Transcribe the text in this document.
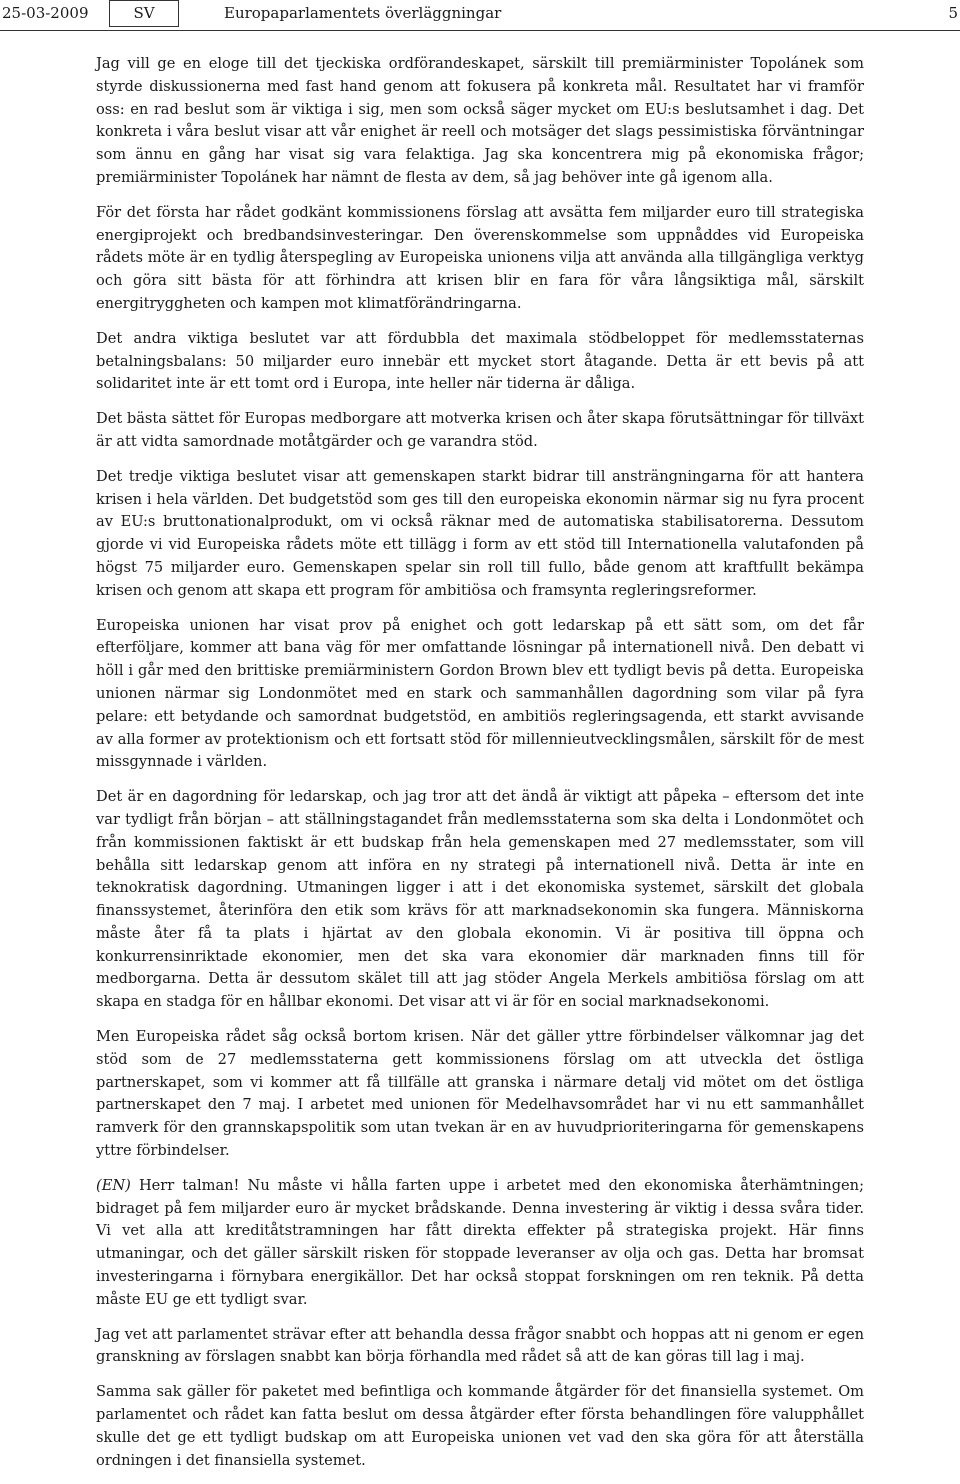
25-03-2009	SV	Europaparlamentets överläggningar	5

Jag vill ge en eloge till det tjeckiska ordförandeskapet, särskilt till premiärminister Topolánek som styrde diskussionerna med fast hand genom att fokusera på konkreta mål. Resultatet har vi framför oss: en rad beslut som är viktiga i sig, men som också säger mycket om EU:s beslutsamhet i dag. Det konkreta i våra beslut visar att vår enighet är reell och motsäger det slags pessimistiska förväntningar som ännu en gång har visat sig vara felaktiga. Jag ska koncentrera mig på ekonomiska frågor; premiärminister Topolánek har nämnt de flesta av dem, så jag behöver inte gå igenom alla.

För det första har rådet godkänt kommissionens förslag att avsätta fem miljarder euro till strategiska energiprojekt och bredbandsinvesteringar. Den överenskommelse som uppnåddes vid Europeiska rådets möte är en tydlig återspegling av Europeiska unionens vilja att använda alla tillgängliga verktyg och göra sitt bästa för att förhindra att krisen blir en fara för våra långsiktiga mål, särskilt energitryggheten och kampen mot klimatförändringarna.

Det andra viktiga beslutet var att fördubbla det maximala stödbeloppet för medlemsstaternas betalningsbalans: 50 miljarder euro innebär ett mycket stort åtagande. Detta är ett bevis på att solidaritet inte är ett tomt ord i Europa, inte heller när tiderna är dåliga.

Det bästa sättet för Europas medborgare att motverka krisen och åter skapa förutsättningar för tillväxt är att vidta samordnade motåtgärder och ge varandra stöd.

Det tredje viktiga beslutet visar att gemenskapen starkt bidrar till ansträngningarna för att hantera krisen i hela världen. Det budgetstöd som ges till den europeiska ekonomin närmar sig nu fyra procent av EU:s bruttonationalprodukt, om vi också räknar med de automatiska stabilisatorerna. Dessutom gjorde vi vid Europeiska rådets möte ett tillägg i form av ett stöd till Internationella valutafonden på högst 75 miljarder euro. Gemenskapen spelar sin roll till fullo, både genom att kraftfullt bekämpa krisen och genom att skapa ett program för ambitiösa och framsynta regleringsreformer.

Europeiska unionen har visat prov på enighet och gott ledarskap på ett sätt som, om det får efterföljare, kommer att bana väg för mer omfattande lösningar på internationell nivå. Den debatt vi höll i går med den brittiske premiärministern Gordon Brown blev ett tydligt bevis på detta. Europeiska unionen närmar sig Londonmötet med en stark och sammanhållen dagordning som vilar på fyra pelare: ett betydande och samordnat budgetstöd, en ambitiös regleringsagenda, ett starkt avvisande av alla former av protektionism och ett fortsatt stöd för millennieutvecklingsmålen, särskilt för de mest missgynnade i världen.

Det är en dagordning för ledarskap, och jag tror att det ändå är viktigt att påpeka – eftersom det inte var tydligt från början – att ställningstagandet från medlemsstaterna som ska delta i Londonmötet och från kommissionen faktiskt är ett budskap från hela gemenskapen med 27 medlemsstater, som vill behålla sitt ledarskap genom att införa en ny strategi på internationell nivå. Detta är inte en teknokratisk dagordning. Utmaningen ligger i att i det ekonomiska systemet, särskilt det globala finanssystemet, återinföra den etik som krävs för att marknadsekonomin ska fungera. Människorna måste åter få ta plats i hjärtat av den globala ekonomin. Vi är positiva till öppna och konkurrensinriktade ekonomier, men det ska vara ekonomier där marknaden finns till för medborgarna. Detta är dessutom skälet till att jag stöder Angela Merkels ambitiösa förslag om att skapa en stadga för en hållbar ekonomi. Det visar att vi är för en social marknadsekonomi.

Men Europeiska rådet såg också bortom krisen. När det gäller yttre förbindelser välkomnar jag det stöd som de 27 medlemsstaterna gett kommissionens förslag om att utveckla det östliga partnerskapet, som vi kommer att få tillfälle att granska i närmare detalj vid mötet om det östliga partnerskapet den 7 maj. I arbetet med unionen för Medelhavsområdet har vi nu ett sammanhållet ramverk för den grannskapspolitik som utan tvekan är en av huvudprioriteringarna för gemenskapens yttre förbindelser.

(EN) Herr talman! Nu måste vi hålla farten uppe i arbetet med den ekonomiska återhämtningen; bidraget på fem miljarder euro är mycket brådskande. Denna investering är viktig i dessa svåra tider. Vi vet alla att kreditåtstramningen har fått direkta effekter på strategiska projekt. Här finns utmaningar, och det gäller särskilt risken för stoppade leveranser av olja och gas. Detta har bromsat investeringarna i förnybara energikällor. Det har också stoppat forskningen om ren teknik. På detta måste EU ge ett tydligt svar.

Jag vet att parlamentet strävar efter att behandla dessa frågor snabbt och hoppas att ni genom er egen granskning av förslagen snabbt kan börja förhandla med rådet så att de kan göras till lag i maj.

Samma sak gäller för paketet med befintliga och kommande åtgärder för det finansiella systemet. Om parlamentet och rådet kan fatta beslut om dessa åtgärder efter första behandlingen före valupphållet skulle det ge ett tydligt budskap om att Europeiska unionen vet vad den ska göra för att återställa ordningen i det finansiella systemet.
